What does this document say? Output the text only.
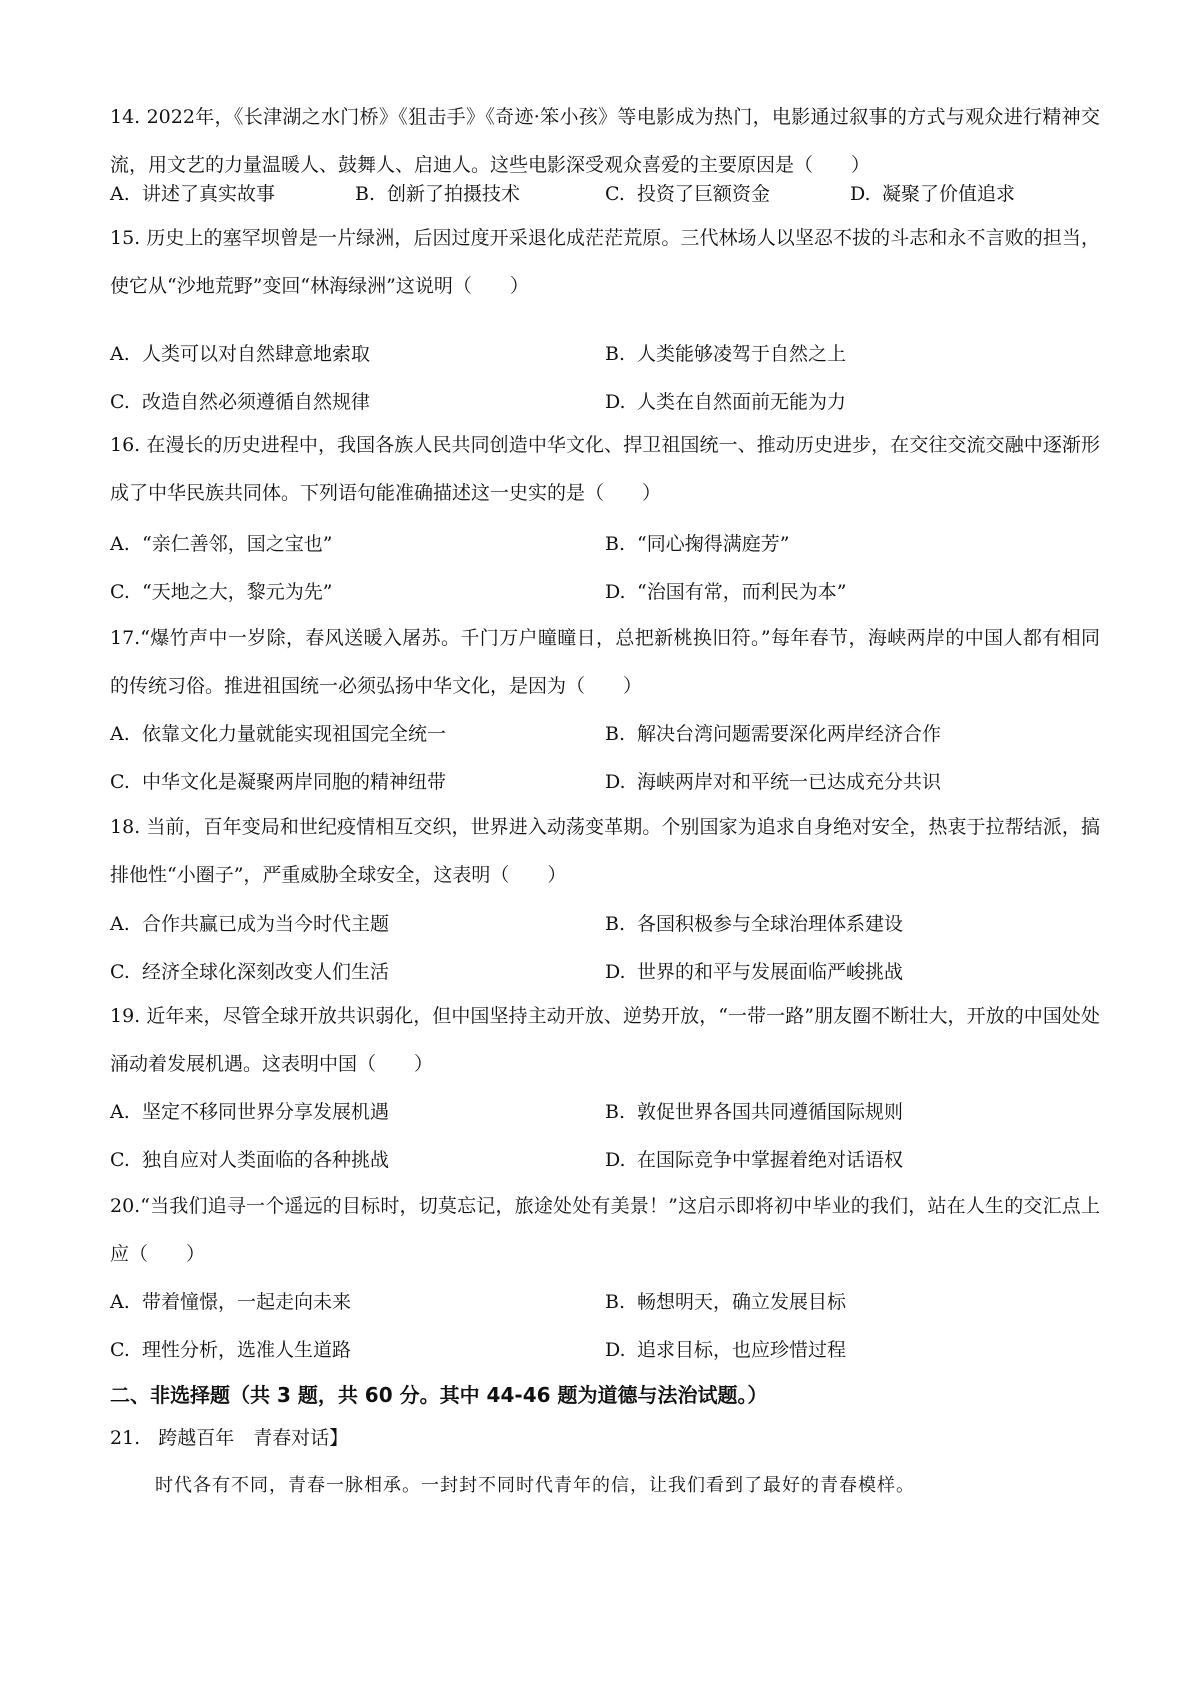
14. 2022年，《长津湖之水门桥》《狙击手》《奇迹·笨小孩》等电影成为热门，电影通过叙事的方式与观众进行精神交流，用文艺的力量温暖人、鼓舞人、启迪人。这些电影深受观众喜爱的主要原因是（　　）

A. 讲述了真实故事	B. 创新了拍摄技术	C. 投资了巨额资金	D. 凝聚了价值追求

15. 历史上的塞罕坝曾是一片绿洲，后因过度开采退化成茫茫荒原。三代林场人以坚忍不拔的斗志和永不言败的担当，使它从“沙地荒野”变回“林海绿洲”这说明（　　）

A. 人类可以对自然肆意地索取	B. 人类能够凌驾于自然之上

C. 改造自然必须遵循自然规律	D. 人类在自然面前无能为力

16. 在漫长的历史进程中，我国各族人民共同创造中华文化、捍卫祖国统一、推动历史进步，在交往交流交融中逐渐形成了中华民族共同体。下列语句能准确描述这一史实的是（　　）

A. “亲仁善邻，国之宝也”	B. “同心掬得满庭芳”

C. “天地之大，黎元为先”	D. “治国有常，而利民为本”

17.“爆竹声中一岁除，春风送暖入屠苏。千门万户曈曈日，总把新桃换旧符。”每年春节，海峡两岸的中国人都有相同的传统习俗。推进祖国统一必须弘扬中华文化，是因为（　　）

A. 依靠文化力量就能实现祖国完全统一	B. 解决台湾问题需要深化两岸经济合作

C. 中华文化是凝聚两岸同胞的精神纽带	D. 海峡两岸对和平统一已达成充分共识

18. 当前，百年变局和世纪疫情相互交织，世界进入动荡变革期。个别国家为追求自身绝对安全，热衷于拉帮结派，搞排他性“小圈子”，严重威胁全球安全，这表明（　　）

A. 合作共赢已成为当今时代主题	B. 各国积极参与全球治理体系建设

C. 经济全球化深刻改变人们生活	D. 世界的和平与发展面临严峻挑战

19. 近年来，尽管全球开放共识弱化，但中国坚持主动开放、逆势开放，“一带一路”朋友圈不断壮大，开放的中国处处涌动着发展机遇。这表明中国（　　）

A. 坚定不移同世界分享发展机遇	B. 敦促世界各国共同遵循国际规则

C. 独自应对人类面临的各种挑战	D. 在国际竞争中掌握着绝对话语权

20.“当我们追寻一个遥远的目标时，切莫忘记，旅途处处有美景！”这启示即将初中毕业的我们，站在人生的交汇点上应（　　）

A. 带着憧憬，一起走向未来	B. 畅想明天，确立发展目标

C. 理性分析，选准人生道路	D. 追求目标，也应珍惜过程

二、非选择题（共 3 题，共 60 分。其中 44-46 题为道德与法治试题。）

21. 跨越百年　青春对话】

时代各有不同，青春一脉相承。一封封不同时代青年的信，让我们看到了最好的青春模样。
